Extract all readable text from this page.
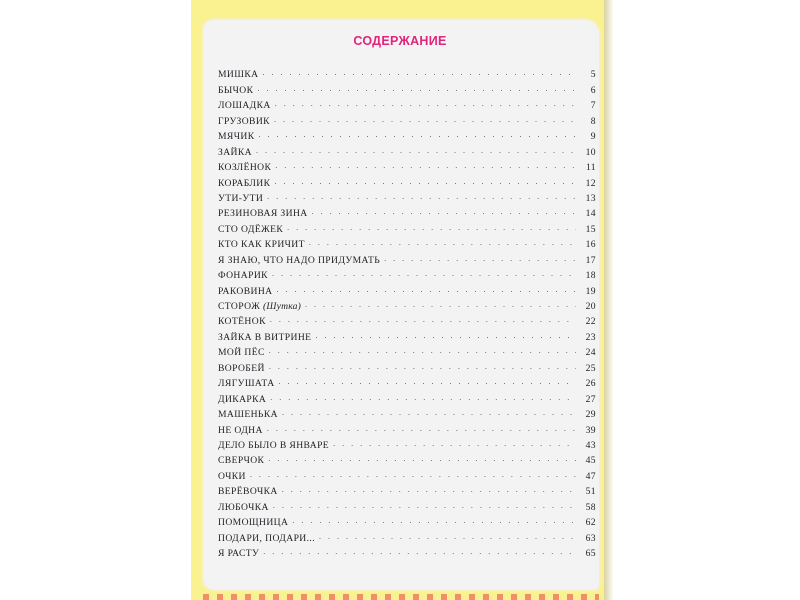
СОДЕРЖАНИЕ
МИШКА . . .	5
БЫЧОК . . .	6
ЛОШАДКА . . .	7
ГРУЗОВИК . . .	8
МЯЧИК . . .	9
ЗАЙКА . . .	10
КОЗЛЁНОК . . .	11
КОРАБЛИК . . .	12
УТИ-УТИ . . .	13
РЕЗИНОВАЯ ЗИНА . . .	14
СТО ОДЁЖЕК . . .	15
КТО КАК КРИЧИТ . . .	16
Я ЗНАЮ, ЧТО НАДО ПРИДУМАТЬ . . .	17
ФОНАРИК . . .	18
РАКОВИНА . . .	19
СТОРОЖ (Шутка) . . .	20
КОТЁНОК . . .	22
ЗАЙКА В ВИТРИНЕ . . .	23
МОЙ ПЁС . . .	24
ВОРОБЕЙ . . .	25
ЛЯГУШАТА . . .	26
ДИКАРКА . . .	27
МАШЕНЬКА . . .	29
НЕ ОДНА . . .	39
ДЕЛО БЫЛО В ЯНВАРЕ . . .	43
СВЕРЧОК . . .	45
ОЧКИ . . .	47
ВЕРЁВОЧКА . . .	51
ЛЮБОЧКА . . .	58
ПОМОЩНИЦА . . .	62
ПОДАРИ, ПОДАРИ... . . .	63
Я РАСТУ . . .	65
